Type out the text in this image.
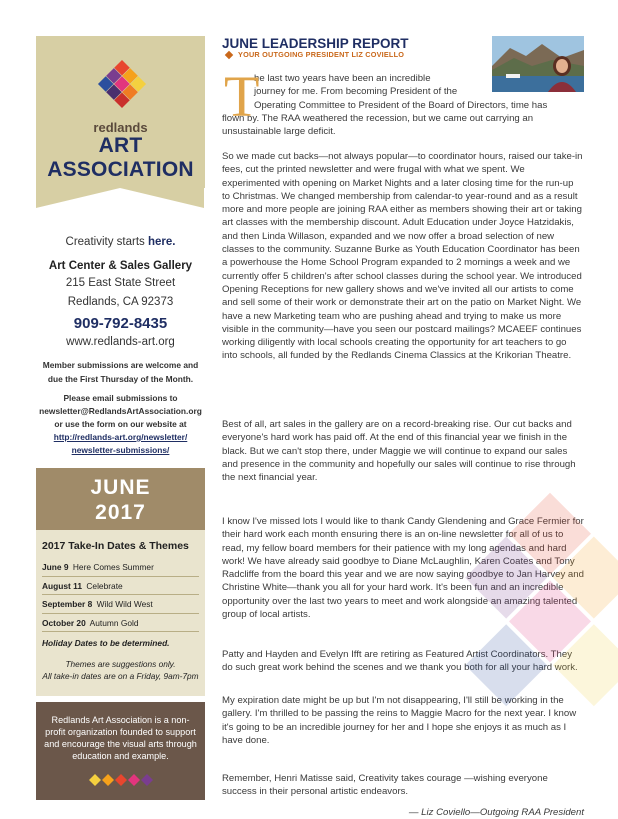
redlands
ART ASSOCIATION
Creativity starts here.
Art Center & Sales Gallery
215 East State Street
Redlands, CA 92373
909-792-8435
www.redlands-art.org
Member submissions are welcome and due the First Thursday of the Month.
Please email submissions to
newsletter@RedlandsArtAssociation.org
or use the form on our website at
http://redlands-art.org/newsletter/
newsletter-submissions/
JUNE
2017
2017 Take-In Dates & Themes
June 9 Here Comes Summer
August 11 Celebrate
September 8 Wild Wild West
October 20 Autumn Gold
Holiday Dates to be determined.
Themes are suggestions only.
All take-in dates are on a Friday, 9am-7pm
Redlands Art Association is a non-profit organization founded to support and encourage the visual arts through education and example.
JUNE LEADERSHIP REPORT
YOUR OUTGOING PRESIDENT LIZ COVIELLO
T
he last two years have been an incredible
journey for me. From becoming President of the
Operating Committee to President of the Board of Directors, time has
flown by. The RAA weathered the recession, but we came out carrying an
unsustainable large deficit.

So we made cut backs—not always popular—to coordinator hours, raised our take-in fees, cut the printed newsletter and were frugal with what we spent. We experimented with opening on Market Nights and a later closing time for the run-up to Christmas. We changed membership from calendar-to year-round and as a result more and more people are joining RAA either as members showing their art or taking art classes with the membership discount. Adult Education under Joyce Hatzidakis, and then Linda Willason, expanded and we now offer a broad selection of new classes to the community. Suzanne Burke as Youth Education Coordinator has been a powerhouse the Home School Program expanded to 2 mornings a week and we currently offer 5 children's after school classes during the school year. We introduced Opening Receptions for new gallery shows and we've invited all our artists to come and sell some of their work or demonstrate their art on the patio on Market Night. We have a new Marketing team who are pushing ahead and trying to make us more visible in the community—have you seen our postcard mailings? MCAEEF continues working diligently with local schools creating the opportunity for art teachers to go into schools, all funded by the Redlands Cinema Classics at the Krikorian Theatre.

Best of all, art sales in the gallery are on a record-breaking rise. Our cut backs and everyone's hard work has paid off. At the end of this financial year we finish in the black. But we can't stop there, under Maggie we will continue to expand our sales and presence in the community and hopefully our sales will continue to rise through the next financial year.

I know I've missed lots I would like to thank Candy Glendening and Grace Fermier for their hard work each month ensuring there is an on-line newsletter for all of us to read, my fellow board members for their patience with my long agendas and hard work! We have already said goodbye to Diane McLaughlin, Karen Coates and Tony Radcliffe from the board this year and we are now saying goodbye to Jan Harvey and Christine White—thank you all for your hard work. It's been fun and an incredible opportunity over the last two years to meet and work alongside an amazing talented group of local artists.

Patty and Hayden and Evelyn Ifft are retiring as Featured Artist Coordinators. They do such great work behind the scenes and we thank you both for all your hard work.

My expiration date might be up but I'm not disappearing, I'll still be working in the gallery. I'm thrilled to be passing the reins to Maggie Macro for the next year. I know it's going to be an incredible journey for her and I hope she enjoys it as much as I have done.

Remember, Henri Matisse said, Creativity takes courage —wishing everyone success in their personal artistic endeavors.

— Liz Coviello—Outgoing RAA President
